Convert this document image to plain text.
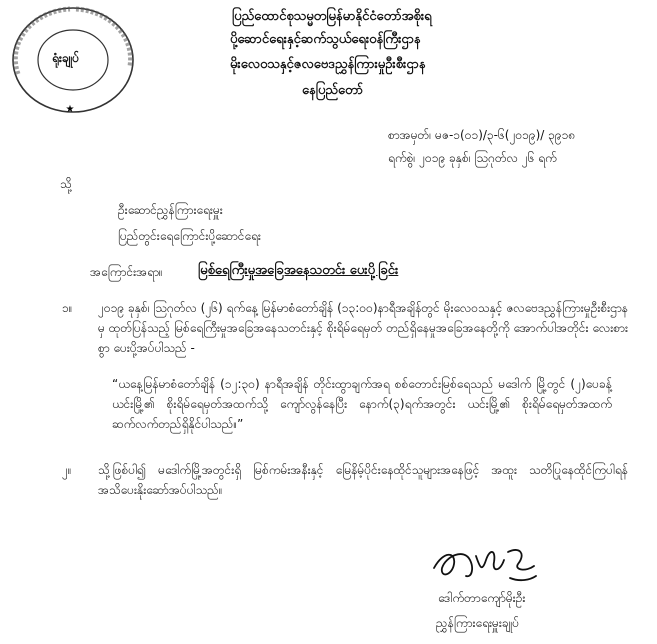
★
ရုံးချုပ်
ပြည်ထောင်စုသမ္မတမြန်မာနိုင်ငံတော်အစိုးရ
ပို့ဆောင်ရေးနှင့်ဆက်သွယ်ရေးဝန်ကြီးဌာန
မိုးလေဝသနှင့်ဇလဗေဒညွှန်ကြားမှုဦးစီးဌာန
နေပြည်တော်
စာအမှတ်၊ မဇ-၁(၀၁)/၃-၆(၂၀၁၉)/ ၃၉၁၈
ရက်စွဲ၊ ၂၀၁၉ ခုနှစ်၊ ဩဂုတ်လ ၂၆ ရက်
သို့
ဦးဆောင်ညွှန်ကြားရေးမှူး
ပြည်တွင်းရေကြောင်းပို့ဆောင်ရေး
အကြောင်းအရာ။	မြစ်ရေကြီးမှုအခြေအနေသတင်း ပေးပို့ခြင်း
၁။ ၂၀၁၉ ခုနှစ်၊ ဩဂုတ်လ (၂၆) ရက်နေ့ မြန်မာစံတော်ချိန် (၁၃:၀၀)နာရီအချိန်တွင် မိုးလေဝသနှင့် ဇလဗေဒညွှန်ကြားမှုဦးစီးဌာနမှ ထုတ်ပြန်သည့် မြစ်ရေကြီးမှုအခြေအနေသတင်းနှင့် စိုးရိမ်ရေမှတ် တည်ရှိနေမှုအခြေအနေတို့ကို အောက်ပါအတိုင်း လေးစားစွာ ပေးပို့အပ်ပါသည် -
“ယနေ့မြန်မာစံတော်ချိန် (၁၂:၃၀) နာရီအချိန် တိုင်းထွာချက်အရ စစ်တောင်းမြစ်ရေသည် မဒေါက် မြို့တွင် (၂)ပေခန့် ယင်းမြို့၏ စိုးရိမ်ရေမှတ်အထက်သို့ ကျော်လွန်နေပြီး နောက်(၃)ရက်အတွင်း ယင်းမြို့၏ စိုးရိမ်ရေမှတ်အထက် ဆက်လက်တည်ရှိနိုင်ပါသည်။”
၂။ သို့ဖြစ်ပါ၍ မဒေါက်မြို့အတွင်းရှိ မြစ်ကမ်းအနီးနှင့် မြေနိမ့်ပိုင်းနေထိုင်သူများအနေဖြင့် အထူး သတိပြုနေထိုင်ကြပါရန် အသိပေးနိုးဆော်အပ်ပါသည်။
ဒေါက်တာကျော်မိုးဦး
ညွှန်ကြားရေးမှူးချုပ်
